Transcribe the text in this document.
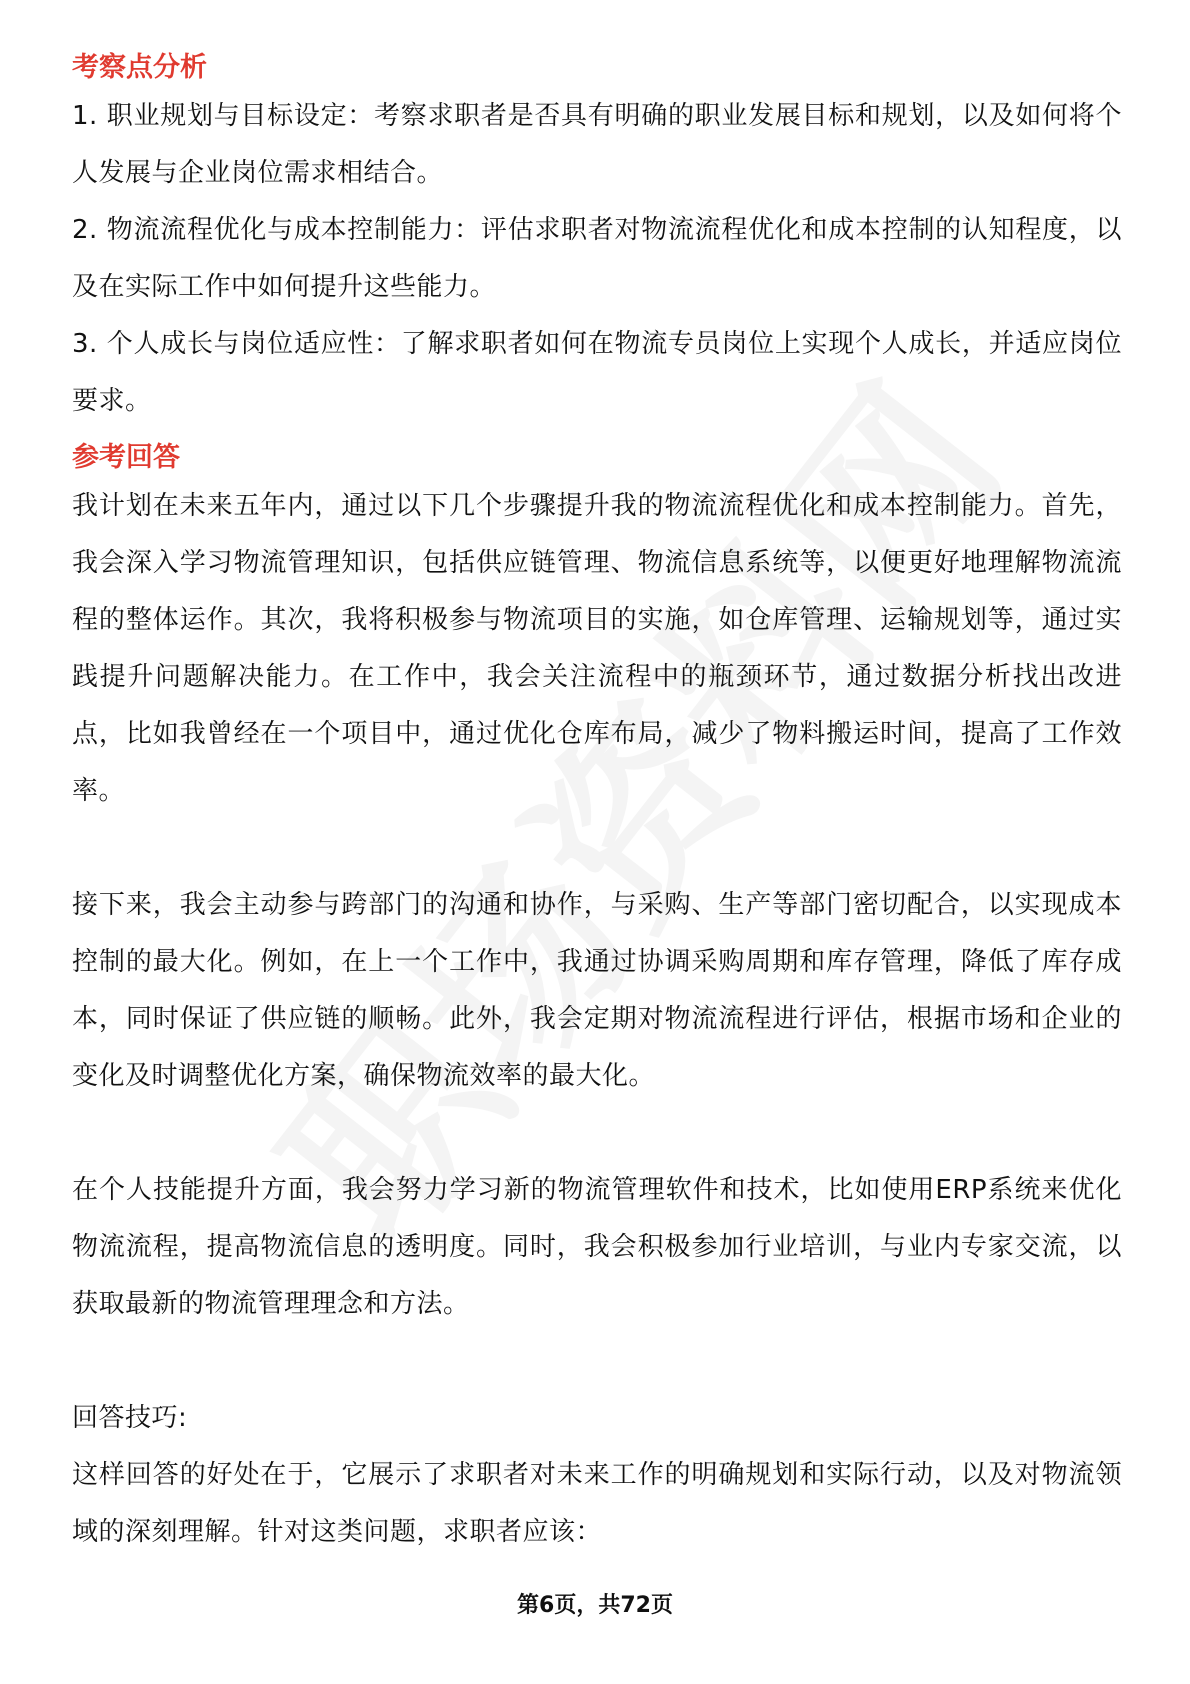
考察点分析

1. 职业规划与目标设定：考察求职者是否具有明确的职业发展目标和规划，以及如何将个人发展与企业岗位需求相结合。

2. 物流流程优化与成本控制能力：评估求职者对物流流程优化和成本控制的认知程度，以及在实际工作中如何提升这些能力。

3. 个人成长与岗位适应性：了解求职者如何在物流专员岗位上实现个人成长，并适应岗位要求。

参考回答

我计划在未来五年内，通过以下几个步骤提升我的物流流程优化和成本控制能力。首先，我会深入学习物流管理知识，包括供应链管理、物流信息系统等，以便更好地理解物流流程的整体运作。其次，我将积极参与物流项目的实施，如仓库管理、运输规划等，通过实践提升问题解决能力。在工作中，我会关注流程中的瓶颈环节，通过数据分析找出改进点，比如我曾经在一个项目中，通过优化仓库布局，减少了物料搬运时间，提高了工作效率。

接下来，我会主动参与跨部门的沟通和协作，与采购、生产等部门密切配合，以实现成本控制的最大化。例如，在上一个工作中，我通过协调采购周期和库存管理，降低了库存成本，同时保证了供应链的顺畅。此外，我会定期对物流流程进行评估，根据市场和企业的变化及时调整优化方案，确保物流效率的最大化。

在个人技能提升方面，我会努力学习新的物流管理软件和技术，比如使用ERP系统来优化物流流程，提高物流信息的透明度。同时，我会积极参加行业培训，与业内专家交流，以获取最新的物流管理理念和方法。

回答技巧:

这样回答的好处在于，它展示了求职者对未来工作的明确规划和实际行动，以及对物流领域的深刻理解。针对这类问题，求职者应该：

第6页，共72页
